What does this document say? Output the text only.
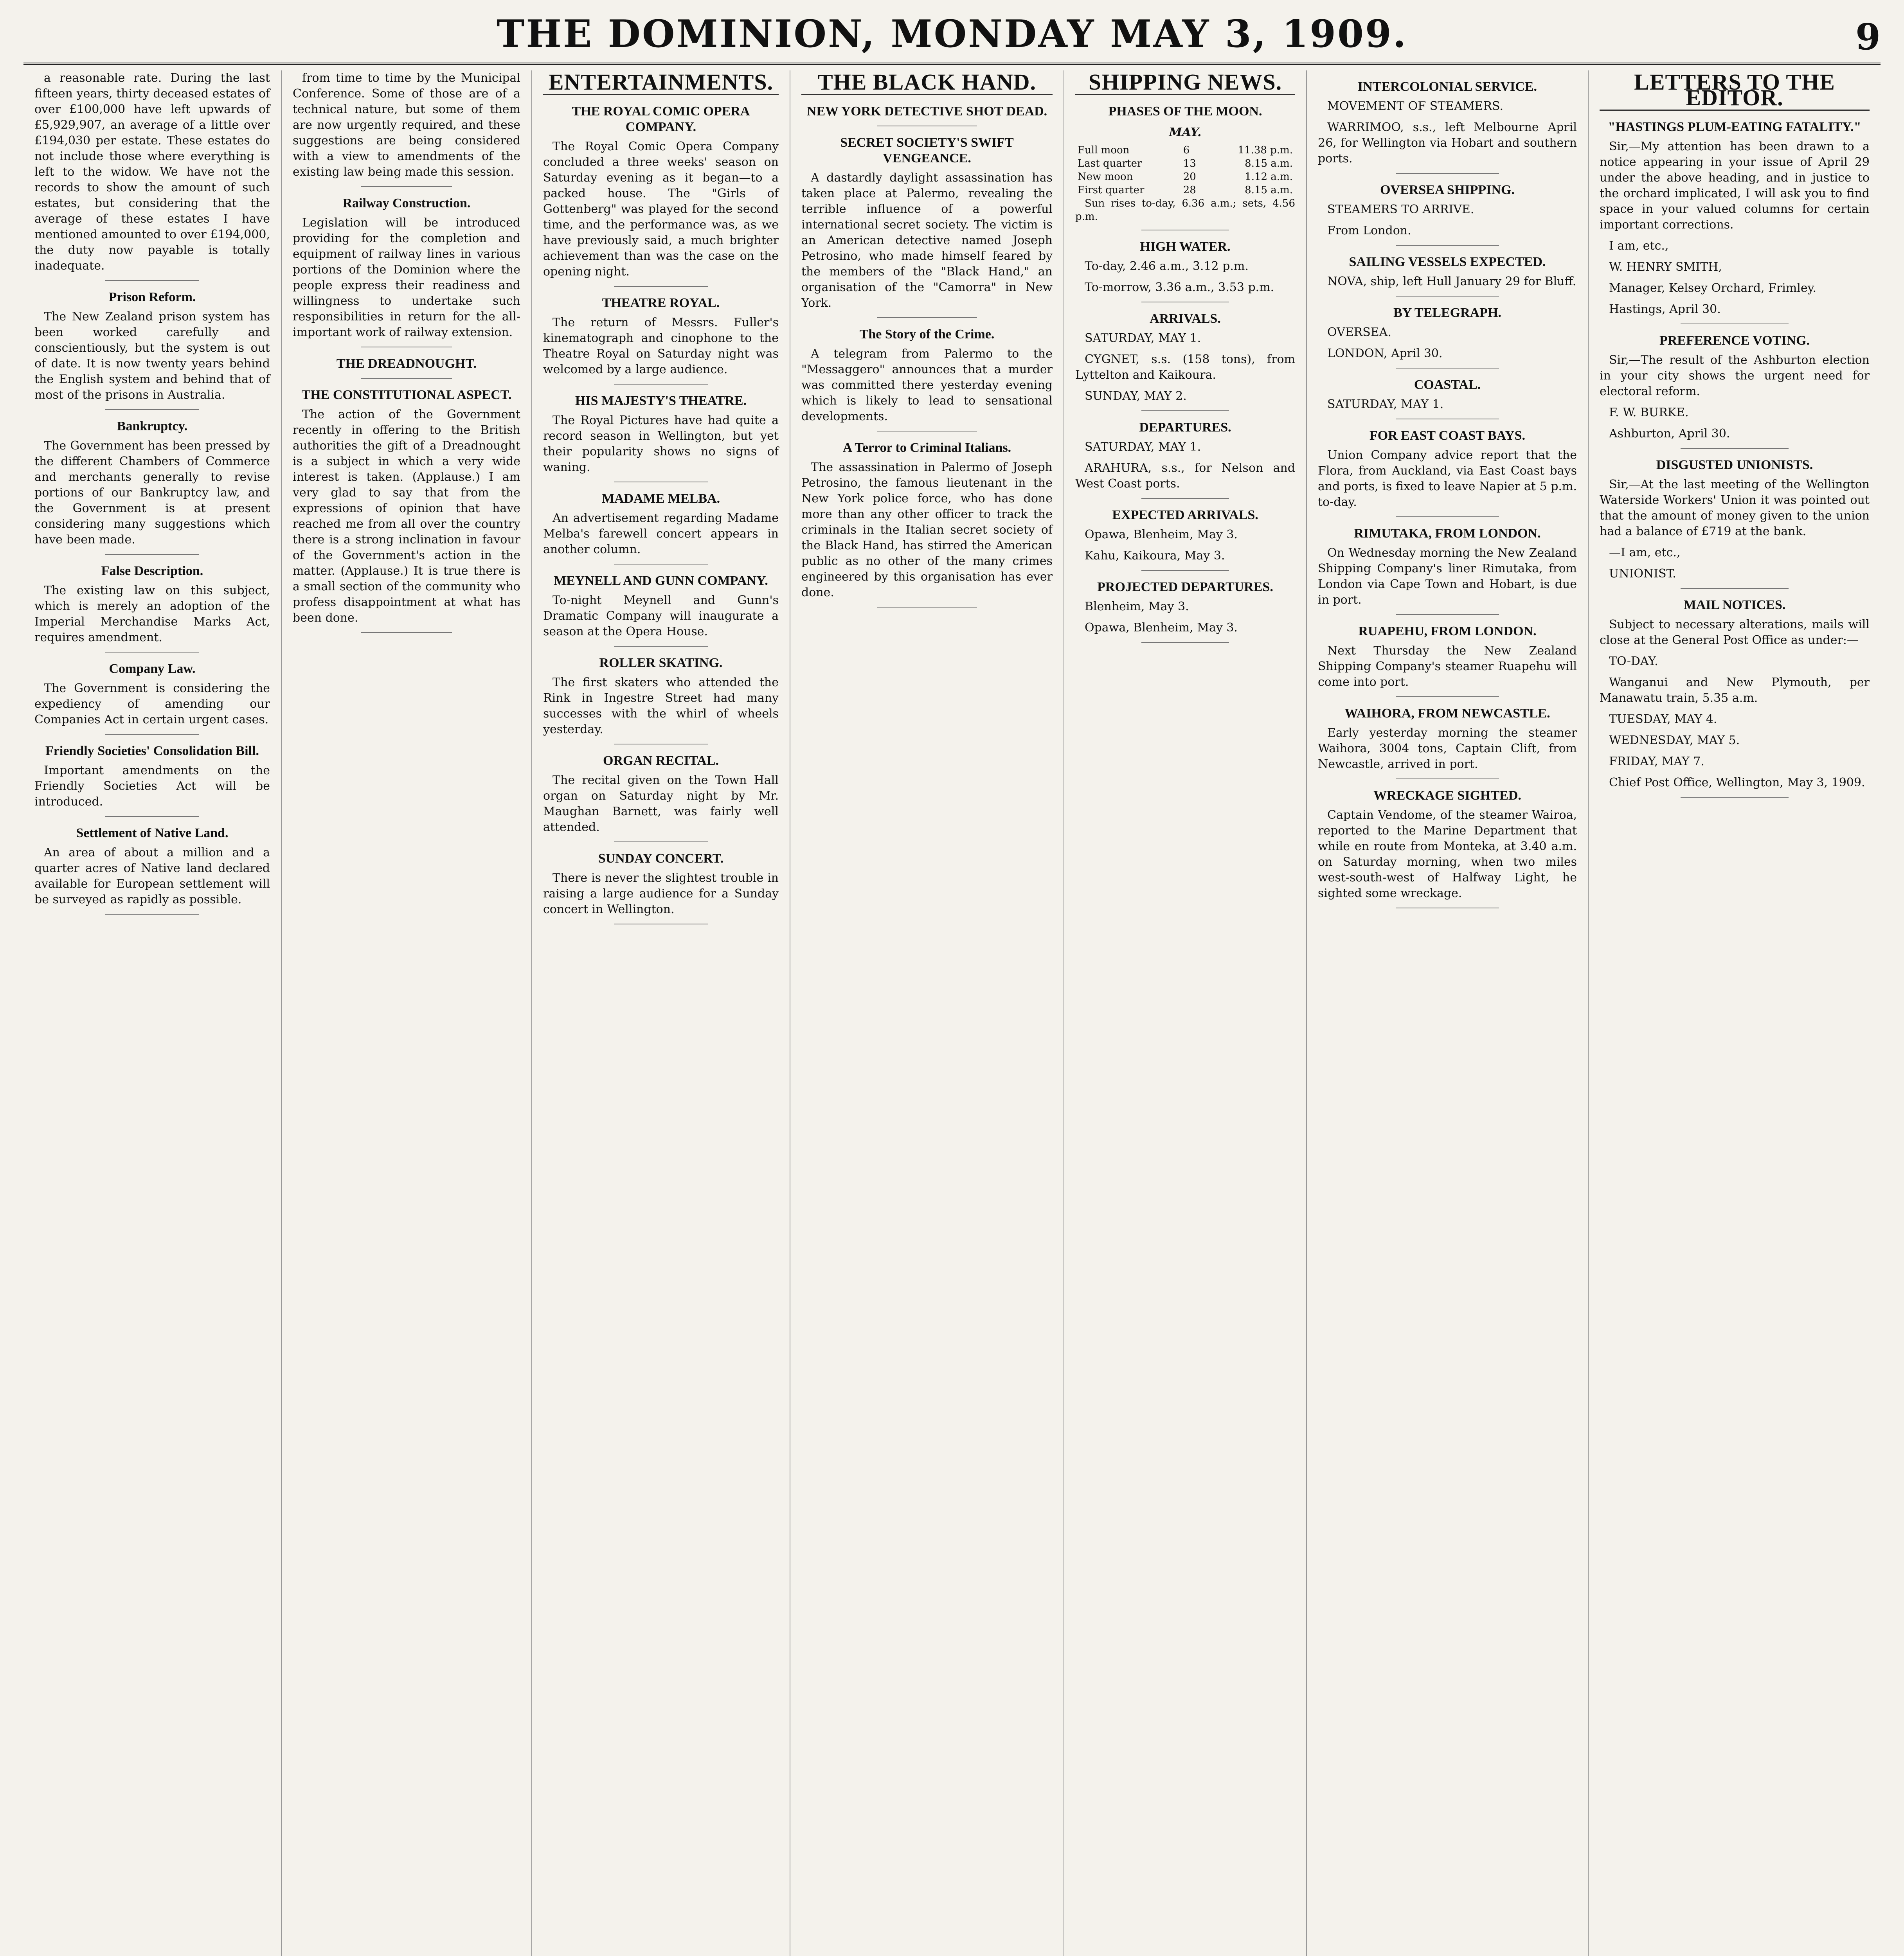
THE DOMINION, MONDAY MAY 3, 1909.	9

a reasonable rate. During the last fifteen years, thirty deceased estates of over £100,000 have left upwards of £5,929,907, an average of a little over £194,030 per estate. These estates do not include those where everything is left to the widow. We have not the records to show the amount of such estates, but considering that the average of these estates I have mentioned amounted to over £194,000, the duty now payable is totally inadequate.

Prison Reform.

The New Zealand prison system has been worked carefully and conscientiously, but the system is out of date. It is now twenty years behind the English system and behind that of most of the prisons in Australia.

Bankruptcy.

The Government has been pressed by the different Chambers of Commerce and merchants generally to revise portions of our Bankruptcy law, and the Government is at present considering many suggestions which have been made.

False Description.

The existing law on this subject, which is merely an adoption of the Imperial Merchandise Marks Act, requires amendment.

Company Law.

The Government is considering the expediency of amending our Companies Act in certain urgent cases.

Friendly Societies' Consolidation Bill.

Important amendments on the Friendly Societies Act will be introduced.

Settlement of Native Land.

An area of about a million and a quarter acres of Native land declared available for European settlement will be surveyed as rapidly as possible.

from time to time by the Municipal Conference. Some of those are of a technical nature, but some of them are now urgently required, and these suggestions are being considered with a view to amendments of the existing law being made this session.

Railway Construction.

Legislation will be introduced providing for the completion and equipment of railway lines in various portions of the Dominion where the people express their readiness and willingness to undertake such responsibilities in return for the all-important work of railway extension.

THE DREADNOUGHT.
THE CONSTITUTIONAL ASPECT.

The action of the Government recently in offering to the British authorities the gift of a Dreadnought is a subject in which a very wide interest is taken. (Applause.) I am very glad to say that from the expressions of opinion that have reached me from all over the country there is a strong inclination in favour of the Government's action in the matter. (Applause.) It is true there is a small section of the community who profess disappointment at what has been done.

ENTERTAINMENTS.
THE ROYAL COMIC OPERA COMPANY.

The Royal Comic Opera Company concluded a three weeks' season on Saturday evening as it began—to a packed house. The "Girls of Gottenberg" was played for the second time, and the performance was, as we have previously said, a much brighter achievement than was the case on the opening night.

THEATRE ROYAL.

The return of Messrs. Fuller's kinematograph and cinophone to the Theatre Royal on Saturday night was welcomed by a large audience.

HIS MAJESTY'S THEATRE.

The Royal Pictures have had quite a record season in Wellington, but yet their popularity shows no signs of waning.

MADAME MELBA.

An advertisement regarding Madame Melba's farewell concert appears in another column.

MEYNELL AND GUNN COMPANY.

To-night Meynell and Gunn's Dramatic Company will inaugurate a season at the Opera House.

ROLLER SKATING.

The first skaters who attended the Rink in Ingestre Street had many successes with the whirl of wheels yesterday.

ORGAN RECITAL.

The recital given on the Town Hall organ on Saturday night by Mr. Maughan Barnett, was fairly well attended.

SUNDAY CONCERT.

There is never the slightest trouble in raising a large audience for a Sunday concert in Wellington.

THE BLACK HAND.
NEW YORK DETECTIVE SHOT DEAD.
SECRET SOCIETY'S SWIFT VENGEANCE.

A dastardly daylight assassination has taken place at Palermo, revealing the terrible influence of a powerful international secret society. The victim is an American detective named Joseph Petrosino, who made himself feared by the members of the "Black Hand," an organisation of the "Camorra" in New York.

The Story of the Crime.

A telegram from Palermo to the "Messaggero" announces that a murder was committed there yesterday evening which is likely to lead to sensational developments.

A Terror to Criminal Italians.

The assassination in Palermo of Joseph Petrosino, the famous lieutenant in the New York police force, who has done more than any other officer to track the criminals in the Italian secret society of the Black Hand, has stirred the American public as no other of the many crimes engineered by this organisation has ever done.

SHIPPING NEWS.
PHASES OF THE MOON.
MAY.
Full moon	6	11.38 p.m.
Last quarter	13	8.15 a.m.
New moon	20	1.12 a.m.
First quarter	28	8.15 a.m.

Sun rises to-day, 6.36 a.m.; sets, 4.56 p.m.

HIGH WATER.

To-day, 2.46 a.m., 3.12 p.m.

To-morrow, 3.36 a.m., 3.53 p.m.

ARRIVALS.

SATURDAY, MAY 1.

CYGNET, s.s. (158 tons), from Lyttelton and Kaikoura.

SUNDAY, MAY 2.

DEPARTURES.

SATURDAY, MAY 1.

ARAHURA, s.s., for Nelson and West Coast ports.

EXPECTED ARRIVALS.

Opawa, Blenheim, May 3.

Kahu, Kaikoura, May 3.

PROJECTED DEPARTURES.

Blenheim, May 3.

Opawa, Blenheim, May 3.

INTERCOLONIAL SERVICE.

MOVEMENT OF STEAMERS.

WARRIMOO, s.s., left Melbourne April 26, for Wellington via Hobart and southern ports.

OVERSEA SHIPPING.

STEAMERS TO ARRIVE.

From London.

SAILING VESSELS EXPECTED.

NOVA, ship, left Hull January 29 for Bluff.

BY TELEGRAPH.

OVERSEA.

LONDON, April 30.

COASTAL.

SATURDAY, MAY 1.

FOR EAST COAST BAYS.

Union Company advice report that the Flora, from Auckland, via East Coast bays and ports, is fixed to leave Napier at 5 p.m. to-day.

RIMUTAKA, FROM LONDON.

On Wednesday morning the New Zealand Shipping Company's liner Rimutaka, from London via Cape Town and Hobart, is due in port.

RUAPEHU, FROM LONDON.

Next Thursday the New Zealand Shipping Company's steamer Ruapehu will come into port.

WAIHORA, FROM NEWCASTLE.

Early yesterday morning the steamer Waihora, 3004 tons, Captain Clift, from Newcastle, arrived in port.

WRECKAGE SIGHTED.

Captain Vendome, of the steamer Wairoa, reported to the Marine Department that while en route from Monteka, at 3.40 a.m. on Saturday morning, when two miles west-south-west of Halfway Light, he sighted some wreckage.

LETTERS TO THE EDITOR.
"HASTINGS PLUM-EATING FATALITY."

Sir,—My attention has been drawn to a notice appearing in your issue of April 29 under the above heading, and in justice to the orchard implicated, I will ask you to find space in your valued columns for certain important corrections.

I am, etc.,

W. HENRY SMITH,

Manager, Kelsey Orchard, Frimley.

Hastings, April 30.

PREFERENCE VOTING.

Sir,—The result of the Ashburton election in your city shows the urgent need for electoral reform.

F. W. BURKE.

Ashburton, April 30.

DISGUSTED UNIONISTS.

Sir,—At the last meeting of the Wellington Waterside Workers' Union it was pointed out that the amount of money given to the union had a balance of £719 at the bank.

—I am, etc.,

UNIONIST.

MAIL NOTICES.

Subject to necessary alterations, mails will close at the General Post Office as under:—

TO-DAY.

Wanganui and New Plymouth, per Manawatu train, 5.35 a.m.

TUESDAY, MAY 4.

WEDNESDAY, MAY 5.

FRIDAY, MAY 7.

Chief Post Office, Wellington, May 3, 1909.
